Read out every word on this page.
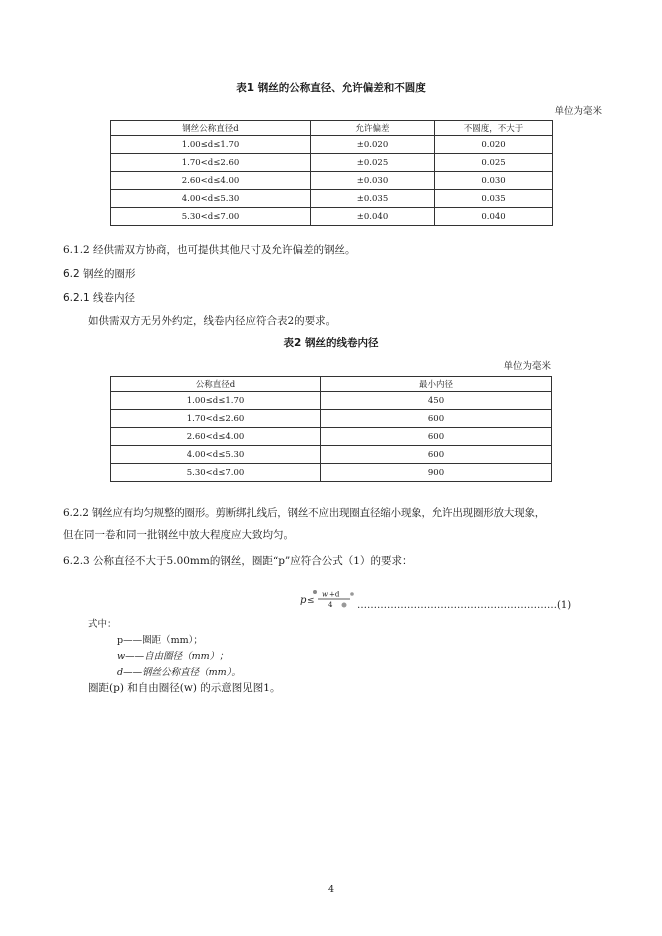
表1 钢丝的公称直径、允许偏差和不圆度
单位为毫米
钢丝公称直径d	允许偏差	不圆度，不大于
1.00≤d≤1.70	±0.020	0.020
1.70<d≤2.60	±0.025	0.025
2.60<d≤4.00	±0.030	0.030
4.00<d≤5.30	±0.035	0.035
5.30<d≤7.00	±0.040	0.040
6.1.2 经供需双方协商，也可提供其他尺寸及允许偏差的钢丝。
6.2 钢丝的圈形
6.2.1 线卷内径
如供需双方无另外约定，线卷内径应符合表2的要求。
表2 钢丝的线卷内径
单位为毫米
公称直径d	最小内径
1.00≤d≤1.70	450
1.70<d≤2.60	600
2.60<d≤4.00	600
4.00<d≤5.30	600
5.30<d≤7.00	900
6.2.2 钢丝应有均匀规整的圈形。剪断绑扎线后，钢丝不应出现圈直径缩小现象，允许出现圈形放大现象，
但在同一卷和同一批钢丝中放大程度应大致均匀。
6.2.3 公称直径不大于5.00mm的钢丝，圈距“p”应符合公式（1）的要求：
p ≤
w +d
4 ……………………………………………………(1)
式中：
p——圈距（mm）；
w——自由圈径（mm）；
d——钢丝公称直径（mm）。
圈距(p) 和自由圈径(w) 的示意图见图1。
4
